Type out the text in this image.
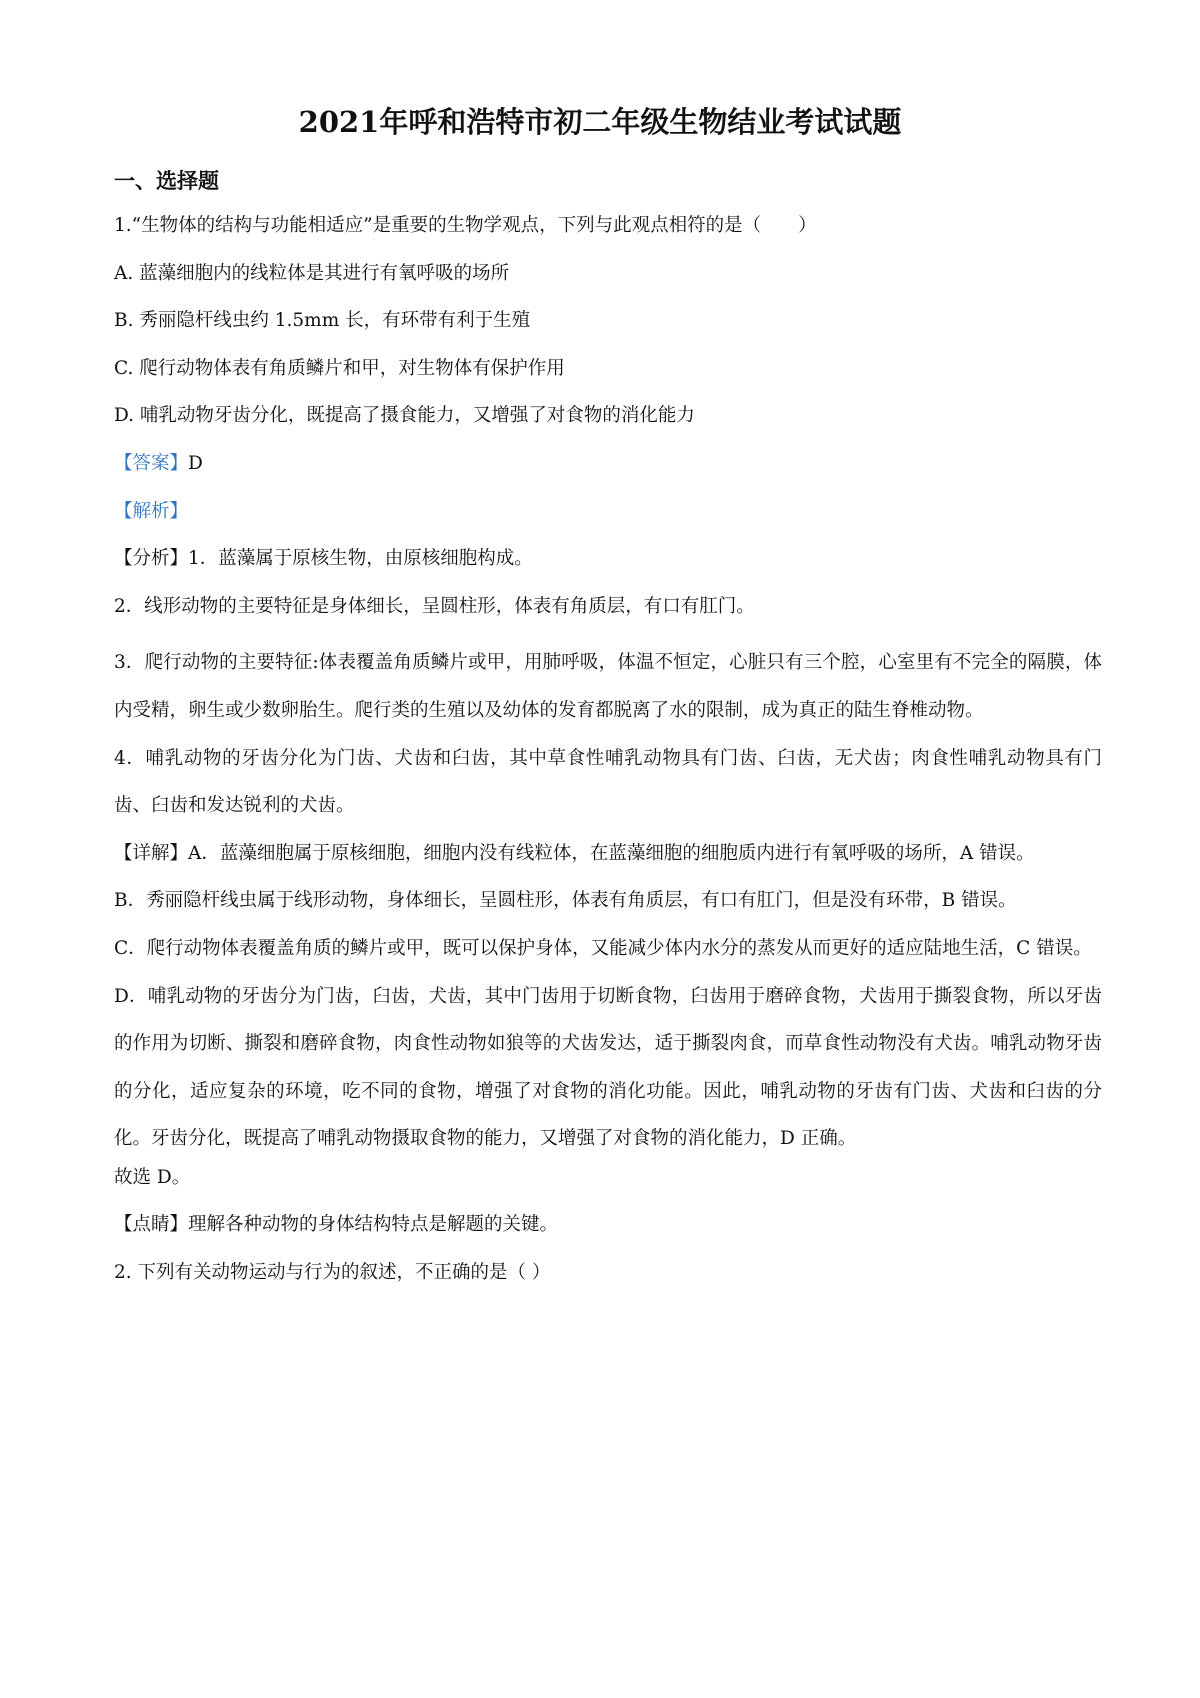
2021年呼和浩特市初二年级生物结业考试试题
一、选择题
1.“生物体的结构与功能相适应”是重要的生物学观点，下列与此观点相符的是（　　）
A. 蓝藻细胞内的线粒体是其进行有氧呼吸的场所
B. 秀丽隐杆线虫约 1.5mm 长，有环带有利于生殖
C. 爬行动物体表有角质鳞片和甲，对生物体有保护作用
D. 哺乳动物牙齿分化，既提高了摄食能力，又增强了对食物的消化能力
【答案】D
【解析】
【分析】1．蓝藻属于原核生物，由原核细胞构成。
2．线形动物的主要特征是身体细长，呈圆柱形，体表有角质层，有口有肛门。

3．爬行动物的主要特征:体表覆盖角质鳞片或甲，用肺呼吸，体温不恒定，心脏只有三个腔，心室里有不完全的隔膜，体内受精，卵生或少数卵胎生。爬行类的生殖以及幼体的发育都脱离了水的限制，成为真正的陆生脊椎动物。

4．哺乳动物的牙齿分化为门齿、犬齿和臼齿，其中草食性哺乳动物具有门齿、臼齿，无犬齿；肉食性哺乳动物具有门齿、臼齿和发达锐利的犬齿。

【详解】A．蓝藻细胞属于原核细胞，细胞内没有线粒体，在蓝藻细胞的细胞质内进行有氧呼吸的场所，A 错误。

B．秀丽隐杆线虫属于线形动物，身体细长，呈圆柱形，体表有角质层，有口有肛门，但是没有环带，B 错误。

C．爬行动物体表覆盖角质的鳞片或甲，既可以保护身体，又能减少体内水分的蒸发从而更好的适应陆地生活，C 错误。

D．哺乳动物的牙齿分为门齿，臼齿，犬齿，其中门齿用于切断食物，臼齿用于磨碎食物，犬齿用于撕裂食物，所以牙齿的作用为切断、撕裂和磨碎食物，肉食性动物如狼等的犬齿发达，适于撕裂肉食，而草食性动物没有犬齿。哺乳动物牙齿的分化，适应复杂的环境，吃不同的食物，增强了对食物的消化功能。因此，哺乳动物的牙齿有门齿、犬齿和臼齿的分化。牙齿分化，既提高了哺乳动物摄取食物的能力，又增强了对食物的消化能力，D 正确。

故选 D。
【点睛】理解各种动物的身体结构特点是解题的关键。
2. 下列有关动物运动与行为的叙述，不正确的是（ ）
